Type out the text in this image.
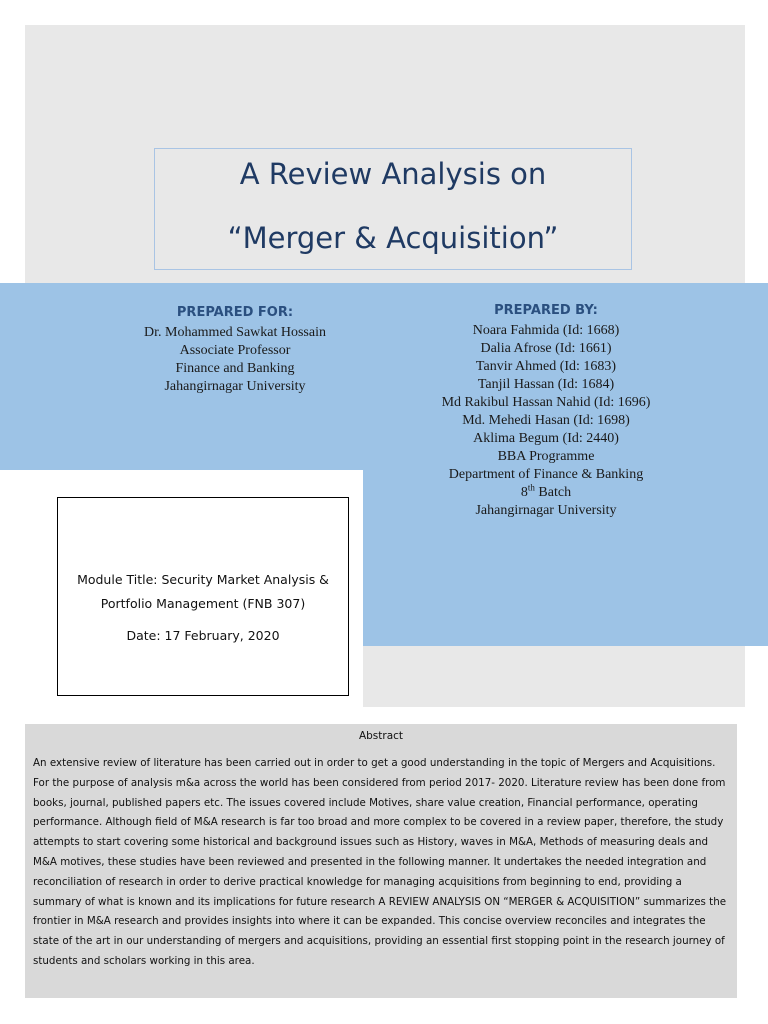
A Review Analysis on
“Merger & Acquisition”
PREPARED FOR:
Dr. Mohammed Sawkat Hossain
Associate Professor
Finance and Banking
Jahangirnagar University
PREPARED BY:
Noara Fahmida (Id: 1668)
Dalia Afrose (Id: 1661)
Tanvir Ahmed (Id: 1683)
Tanjil Hassan (Id: 1684)
Md Rakibul Hassan Nahid (Id: 1696)
Md. Mehedi Hasan (Id: 1698)
Aklima Begum (Id: 2440)
BBA Programme
Department of Finance & Banking
8th Batch
Jahangirnagar University
Module Title: Security Market Analysis & Portfolio Management (FNB 307)
Date: 17 February, 2020
Abstract
An extensive review of literature has been carried out in order to get a good understanding in the topic of Mergers and Acquisitions. For the purpose of analysis m&a across the world has been considered from period 2017- 2020. Literature review has been done from books, journal, published papers etc. The issues covered include Motives, share value creation, Financial performance, operating performance. Although field of M&A research is far too broad and more complex to be covered in a review paper, therefore, the study attempts to start covering some historical and background issues such as History, waves in M&A, Methods of measuring deals and M&A motives, these studies have been reviewed and presented in the following manner. It undertakes the needed integration and reconciliation of research in order to derive practical knowledge for managing acquisitions from beginning to end, providing a summary of what is known and its implications for future research A REVIEW ANALYSIS ON “MERGER & ACQUISITION” summarizes the frontier in M&A research and provides insights into where it can be expanded. This concise overview reconciles and integrates the state of the art in our understanding of mergers and acquisitions, providing an essential first stopping point in the research journey of students and scholars working in this area.
